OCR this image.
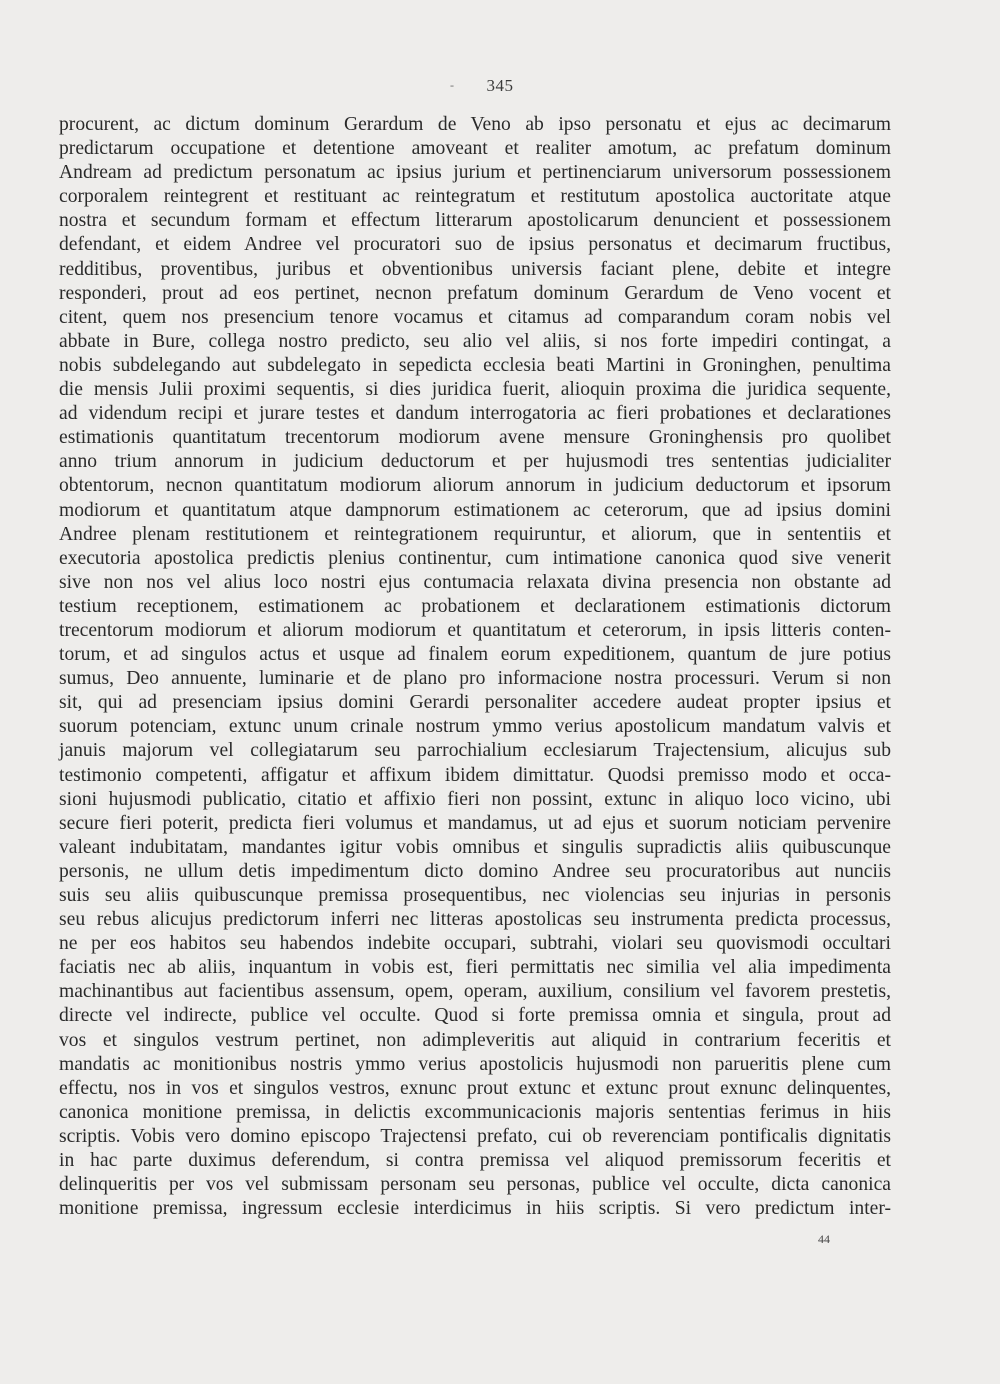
-	345
procurent, ac dictum dominum Gerardum de Veno ab ipso personatu et ejus ac decimarum
predictarum occupatione et detentione amoveant et realiter amotum, ac prefatum dominum
Andream ad predictum personatum ac ipsius jurium et pertinenciarum universorum possessionem
corporalem reintegrent et restituant ac reintegratum et restitutum apostolica auctoritate atque
nostra et secundum formam et effectum litterarum apostolicarum denuncient et possessionem
defendant, et eidem Andree vel procuratori suo de ipsius personatus et decimarum fructibus,
redditibus, proventibus, juribus et obventionibus universis faciant plene, debite et integre
responderi, prout ad eos pertinet, necnon prefatum dominum Gerardum de Veno vocent et
citent, quem nos presencium tenore vocamus et citamus ad comparandum coram nobis vel
abbate in Bure, collega nostro predicto, seu alio vel aliis, si nos forte impediri contingat, a
nobis subdelegando aut subdelegato in sepedicta ecclesia beati Martini in Groninghen, penultima
die mensis Julii proximi sequentis, si dies juridica fuerit, alioquin proxima die juridica sequente,
ad videndum recipi et jurare testes et dandum interrogatoria ac fieri probationes et declarationes
estimationis quantitatum trecentorum modiorum avene mensure Groninghensis pro quolibet
anno trium annorum in judicium deductorum et per hujusmodi tres sententias judicialiter
obtentorum, necnon quantitatum modiorum aliorum annorum in judicium deductorum et ipsorum
modiorum et quantitatum atque dampnorum estimationem ac ceterorum, que ad ipsius domini
Andree plenam restitutionem et reintegrationem requiruntur, et aliorum, que in sententiis et
executoria apostolica predictis plenius continentur, cum intimatione canonica quod sive venerit
sive non nos vel alius loco nostri ejus contumacia relaxata divina presencia non obstante ad
testium receptionem, estimationem ac probationem et declarationem estimationis dictorum
trecentorum modiorum et aliorum modiorum et quantitatum et ceterorum, in ipsis litteris conten-
torum, et ad singulos actus et usque ad finalem eorum expeditionem, quantum de jure potius
sumus, Deo annuente, luminarie et de plano pro informacione nostra processuri. Verum si non
sit, qui ad presenciam ipsius domini Gerardi personaliter accedere audeat propter ipsius et
suorum potenciam, extunc unum crinale nostrum ymmo verius apostolicum mandatum valvis et
januis majorum vel collegiatarum seu parrochialium ecclesiarum Trajectensium, alicujus sub
testimonio competenti, affigatur et affixum ibidem dimittatur. Quodsi premisso modo et occa-
sioni hujusmodi publicatio, citatio et affixio fieri non possint, extunc in aliquo loco vicino, ubi
secure fieri poterit, predicta fieri volumus et mandamus, ut ad ejus et suorum noticiam pervenire
valeant indubitatam, mandantes igitur vobis omnibus et singulis supradictis aliis quibuscunque
personis, ne ullum detis impedimentum dicto domino Andree seu procuratoribus aut nunciis
suis seu aliis quibuscunque premissa prosequentibus, nec violencias seu injurias in personis
seu rebus alicujus predictorum inferri nec litteras apostolicas seu instrumenta predicta processus,
ne per eos habitos seu habendos indebite occupari, subtrahi, violari seu quovismodi occultari
faciatis nec ab aliis, inquantum in vobis est, fieri permittatis nec similia vel alia impedimenta
machinantibus aut facientibus assensum, opem, operam, auxilium, consilium vel favorem prestetis,
directe vel indirecte, publice vel occulte. Quod si forte premissa omnia et singula, prout ad
vos et singulos vestrum pertinet, non adimpleveritis aut aliquid in contrarium feceritis et
mandatis ac monitionibus nostris ymmo verius apostolicis hujusmodi non parueritis plene cum
effectu, nos in vos et singulos vestros, exnunc prout extunc et extunc prout exnunc delinquentes,
canonica monitione premissa, in delictis excommunicacionis majoris sententias ferimus in hiis
scriptis. Vobis vero domino episcopo Trajectensi prefato, cui ob reverenciam pontificalis dignitatis
in hac parte duximus deferendum, si contra premissa vel aliquod premissorum feceritis et
delinqueritis per vos vel submissam personam seu personas, publice vel occulte, dicta canonica
monitione premissa, ingressum ecclesie interdicimus in hiis scriptis. Si vero predictum inter-
44
